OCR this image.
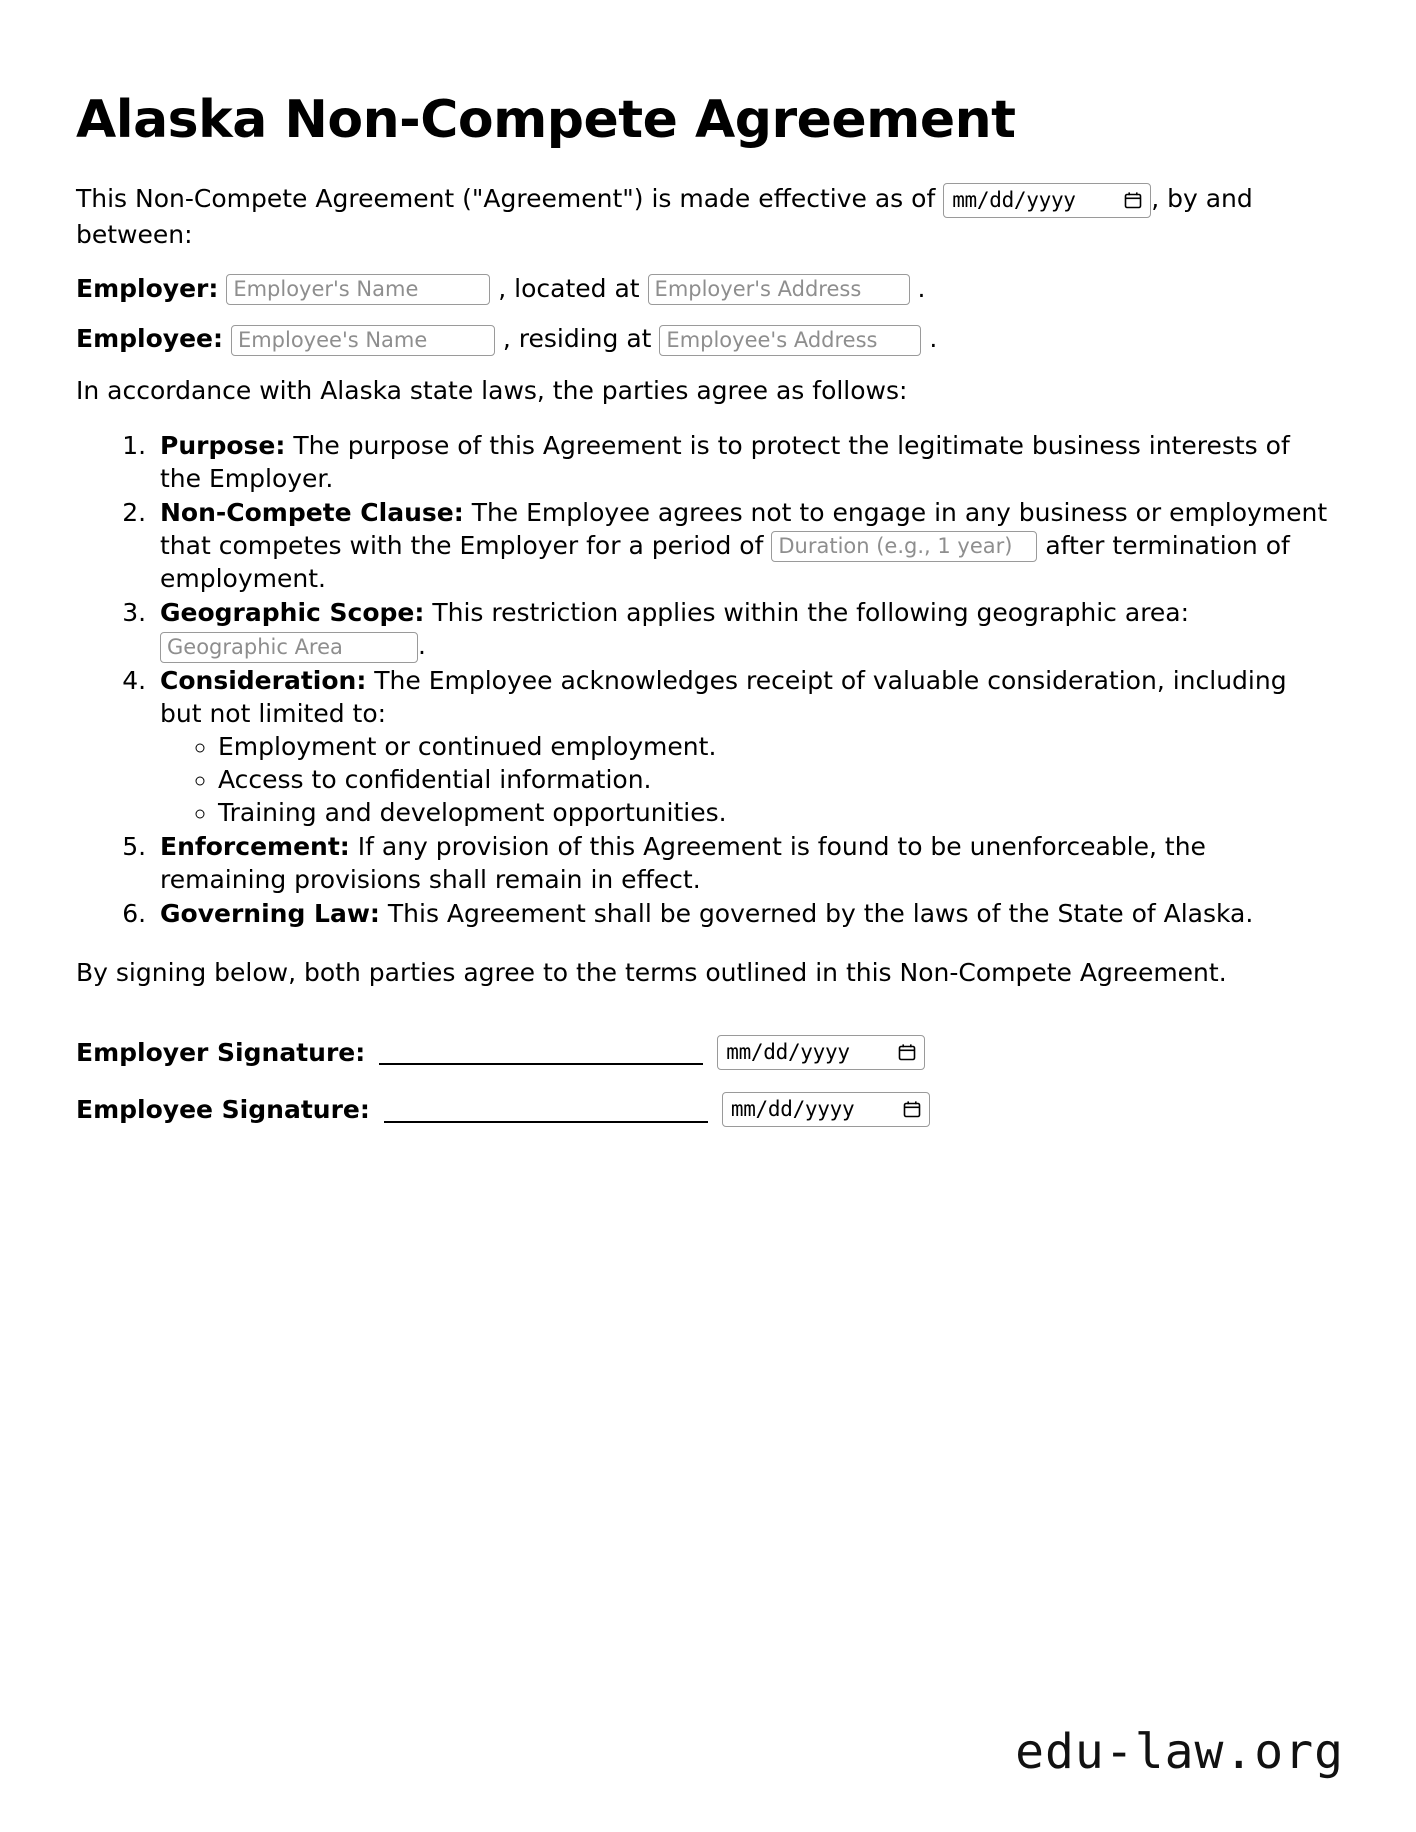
Alaska Non-Compete Agreement

This Non-Compete Agreement ("Agreement") is made effective as of mm/dd/yyyy	, by and between:

Employer: Employer's Name	, located at Employer's Address	.

Employee: Employee's Name	, residing at Employee's Address	.

In accordance with Alaska state laws, the parties agree as follows:

1. Purpose: The purpose of this Agreement is to protect the legitimate business interests of the Employer.
2. Non-Compete Clause: The Employee agrees not to engage in any business or employment that competes with the Employer for a period of Duration (e.g., 1 year)	after termination of employment.
3. Geographic Scope: This restriction applies within the following geographic area: Geographic Area.
4. Consideration: The Employee acknowledges receipt of valuable consideration, including but not limited to:
◦ Employment or continued employment.
◦ Access to confidential information.
◦ Training and development opportunities.
5. Enforcement: If any provision of this Agreement is found to be unenforceable, the remaining provisions shall remain in effect.
6. Governing Law: This Agreement shall be governed by the laws of the State of Alaska.

By signing below, both parties agree to the terms outlined in this Non-Compete Agreement.

Employer Signature:	mm/dd/yyyy
Employee Signature:	mm/dd/yyyy
edu-law.org
